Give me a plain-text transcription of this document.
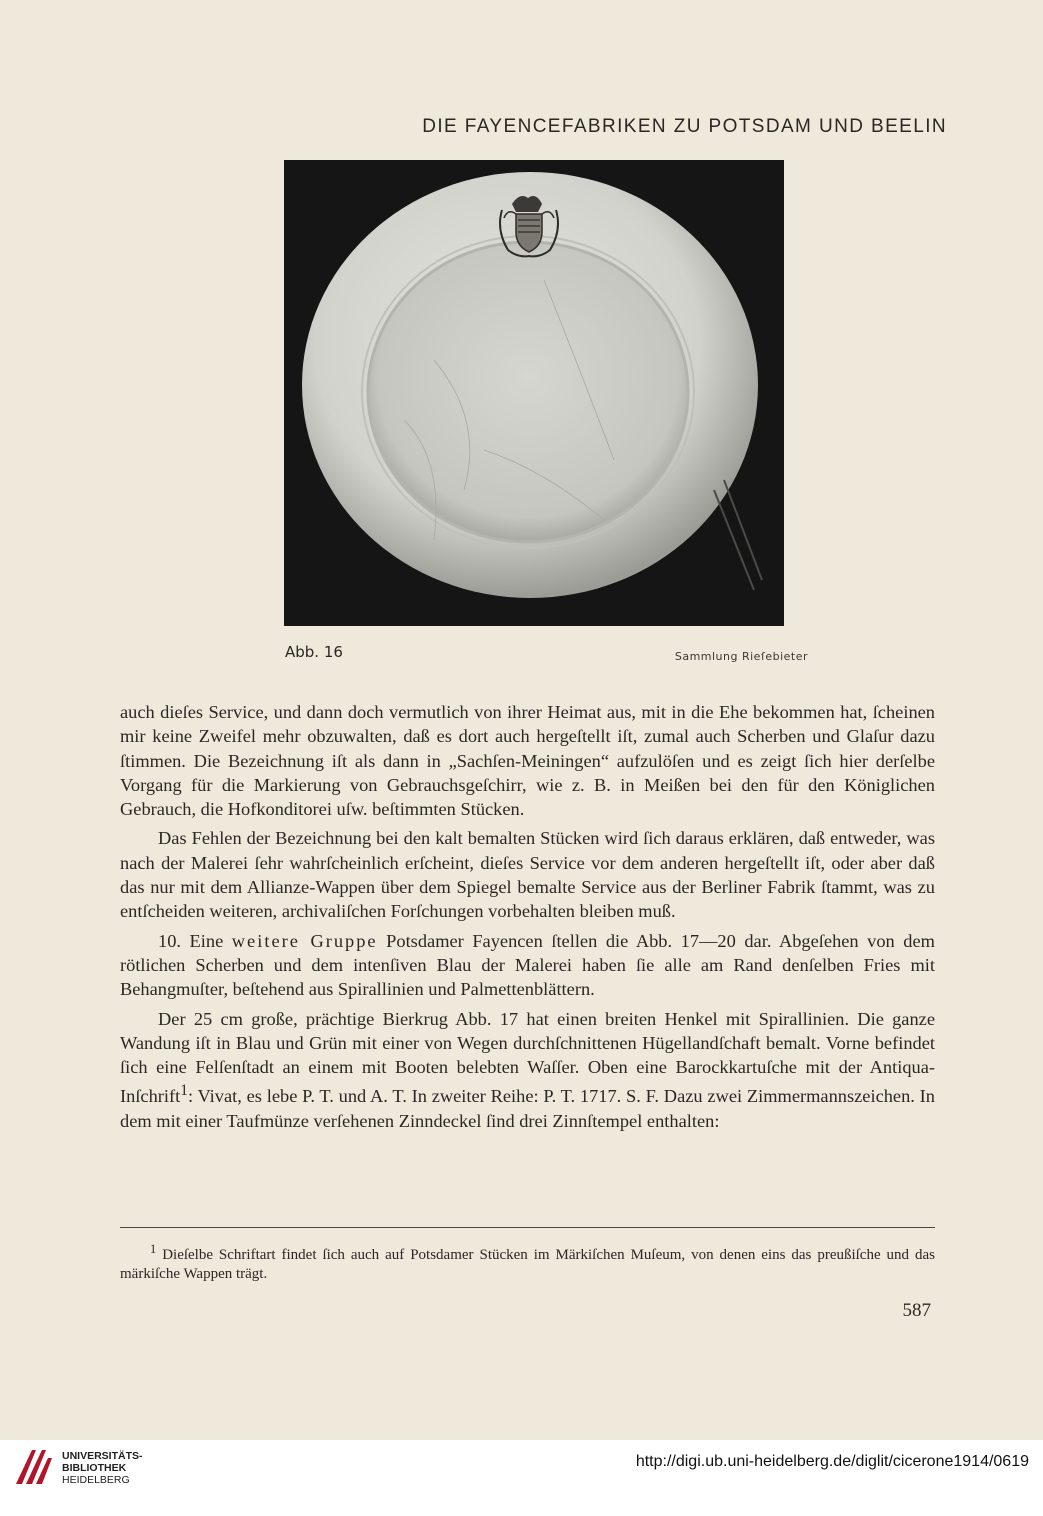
DIE FAYENCEFABRIKEN ZU POTSDAM UND BEELIN
Abb. 16	Sammlung Rieſebieter

auch dieſes Service, und dann doch vermutlich von ihrer Heimat aus, mit in die Ehe bekommen hat, ſcheinen mir keine Zweifel mehr obzuwalten, daß es dort auch hergeſtellt iſt, zumal auch Scherben und Glaſur dazu ſtimmen. Die Bezeichnung iſt als dann in „Sachſen-Meiningen“ aufzulöſen und es zeigt ſich hier derſelbe Vorgang für die Markierung von Gebrauchsgeſchirr, wie z. B. in Meißen bei den für den Königlichen Gebrauch, die Hofkonditorei uſw. beſtimmten Stücken.

Das Fehlen der Bezeichnung bei den kalt bemalten Stücken wird ſich daraus erklären, daß entweder, was nach der Malerei ſehr wahrſcheinlich erſcheint, dieſes Service vor dem anderen hergeſtellt iſt, oder aber daß das nur mit dem Allianze-Wappen über dem Spiegel bemalte Service aus der Berliner Fabrik ſtammt, was zu entſcheiden weiteren, archivaliſchen Forſchungen vorbehalten bleiben muß.

10. Eine weitere Gruppe Potsdamer Fayencen ſtellen die Abb. 17—20 dar. Abgeſehen von dem rötlichen Scherben und dem intenſiven Blau der Malerei haben ſie alle am Rand denſelben Fries mit Behangmuſter, beſtehend aus Spirallinien und Palmettenblättern.

Der 25 cm große, prächtige Bierkrug Abb. 17 hat einen breiten Henkel mit Spirallinien. Die ganze Wandung iſt in Blau und Grün mit einer von Wegen durchſchnittenen Hügellandſchaft bemalt. Vorne befindet ſich eine Felſenſtadt an einem mit Booten belebten Waſſer. Oben eine Barockkartuſche mit der Antiqua-Inſchrift$^1$: Vivat, es lebe P. T. und A. T. In zweiter Reihe: P. T. 1717. S. F. Dazu zwei Zimmermannszeichen. In dem mit einer Taufmünze verſehenen Zinndeckel ſind drei Zinnſtempel enthalten:

$^1$ Dieſelbe Schriftart findet ſich auch auf Potsdamer Stücken im Märkiſchen Muſeum, von denen eins das preußiſche und das märkiſche Wappen trägt.
587
UNIVERSITÄTS-
BIBLIOTHEK
HEIDELBERG
http://digi.ub.uni-heidelberg.de/diglit/cicerone1914/0619
